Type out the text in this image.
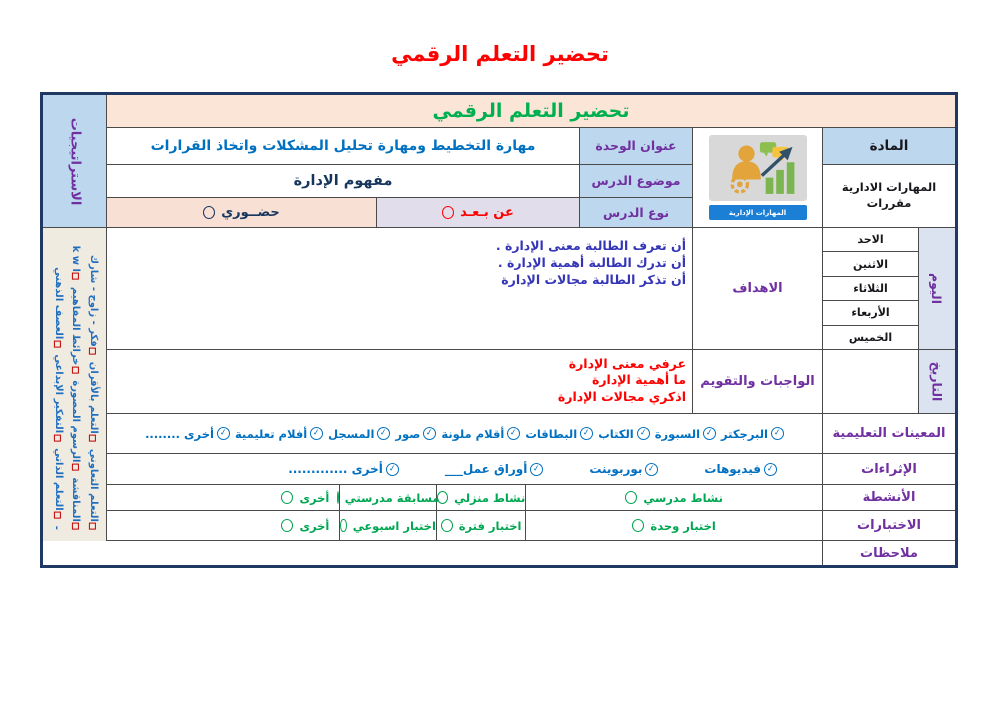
تحضير التعلم الرقمي
الاستراتيجيات
التعلم التعاوني
التعلم بالأقران
فكر - زاوج - شارك
المناقشة
الرسوم المصورة
خرائط المفاهيم
k w l
-
التعلم الذاتي
التفكير الإبداعي
العصف الذهني
تحضير التعلم الرقمي
المادة
المهارات الادارية
مقررات
المهارات الإدارية
عنوان الوحدة
مهارة التخطيط ومهارة تحليل المشكلات واتخاذ القرارات
موضوع الدرس
مفهوم الإدارة
نوع الدرس
عن بـعـد
حضــوري
اليوم
الاحد
الاثنين
الثلاثاء
الأربعاء
الخميس
الاهداف
أن تعرف الطالبة معنى الإدارة .
أن تدرك الطالبة أهمية الإدارة .
أن تذكر الطالبة مجالات الإدارة
التاريخ
الواجبات والتقويم
عرفي معنى الإدارة
ما أهمية الإدارة
اذكري مجالات الإدارة
المعينات التعليمية
✓
البرجكتر
✓
السبورة
✓
الكتاب
✓
البطاقات
✓
أقلام ملونة
✓
صور
✓
المسجل
✓
أفلام تعليمية
✓
أخرى ........
الإثراءات
✓
فيديوهات
✓
بوربوينت
✓
أوراق عمل___
✓
أخرى .............
الأنشطة
نشاط مدرسي
نشاط منزلي
مسابقة مدرستي
أخرى
الاختبارات
اختبار وحدة
اختبار فترة
اختبار اسبوعي
أخرى
ملاحظات
